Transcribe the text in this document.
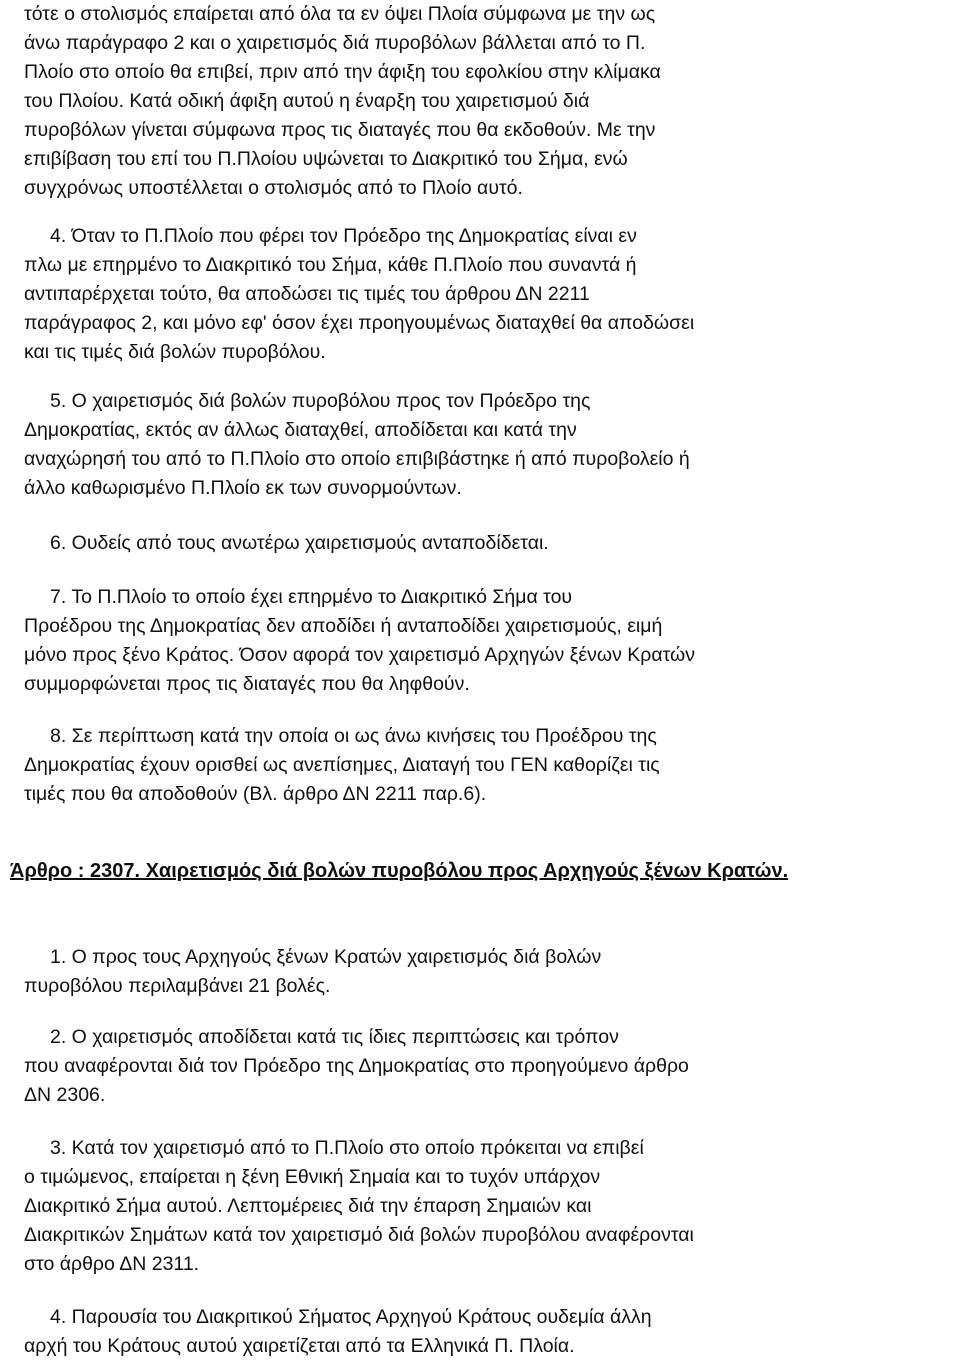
τότε ο στολισμός επαίρεται από όλα τα εν όψει Πλοία σύμφωνα με την ως
άνω παράγραφο 2 και ο χαιρετισμός διά πυροβόλων βάλλεται από το Π.
Πλοίο στο οποίο θα επιβεί, πριν από την άφιξη του εφολκίου στην κλίμακα
του Πλοίου. Κατά οδική άφιξη αυτού η έναρξη του χαιρετισμού διά
πυροβόλων γίνεται σύμφωνα προς τις διαταγές που θα εκδοθούν. Με την
επιβίβαση του επί του Π.Πλοίου υψώνεται το Διακριτικό του Σήμα, ενώ
συγχρόνως υποστέλλεται ο στολισμός από το Πλοίο αυτό.
4. Όταν το Π.Πλοίο που φέρει τον Πρόεδρο της Δημοκρατίας είναι εν
πλω με επηρμένο το Διακριτικό του Σήμα, κάθε Π.Πλοίο που συναντά ή
αντιπαρέρχεται τούτο, θα αποδώσει τις τιμές του άρθρου ΔΝ 2211
παράγραφος 2, και μόνο εφ' όσον έχει προηγουμένως διαταχθεί θα αποδώσει
και τις τιμές διά βολών πυροβόλου.
5. Ο χαιρετισμός διά βολών πυροβόλου προς τον Πρόεδρο της
Δημοκρατίας, εκτός αν άλλως διαταχθεί, αποδίδεται και κατά την
αναχώρησή του από το Π.Πλοίο στο οποίο επιβιβάστηκε ή από πυροβολείο ή
άλλο καθωρισμένο Π.Πλοίο εκ των συνορμούντων.
6. Ουδείς από τους ανωτέρω χαιρετισμούς ανταποδίδεται.
7. Το Π.Πλοίο το οποίο έχει επηρμένο το Διακριτικό Σήμα του
Προέδρου της Δημοκρατίας δεν αποδίδει ή ανταποδίδει χαιρετισμούς, ειμή
μόνο προς ξένο Κράτος. Όσον αφορά τον χαιρετισμό Αρχηγών ξένων Κρατών
συμμορφώνεται προς τις διαταγές που θα ληφθούν.
8. Σε περίπτωση κατά την οποία οι ως άνω κινήσεις του Προέδρου της
Δημοκρατίας έχουν ορισθεί ως ανεπίσημες, Διαταγή του ΓΕΝ καθορίζει τις
τιμές που θα αποδοθούν (Βλ. άρθρο ΔΝ 2211 παρ.6).
1. Ο προς τους Αρχηγούς ξένων Κρατών χαιρετισμός διά βολών
πυροβόλου περιλαμβάνει 21 βολές.
2. Ο χαιρετισμός αποδίδεται κατά τις ίδιες περιπτώσεις και τρόπον
που αναφέρονται διά τον Πρόεδρο της Δημοκρατίας στο προηγούμενο άρθρο
ΔΝ 2306.
3. Κατά τον χαιρετισμό από το Π.Πλοίο στο οποίο πρόκειται να επιβεί
ο τιμώμενος, επαίρεται η ξένη Εθνική Σημαία και το τυχόν υπάρχον
Διακριτικό Σήμα αυτού. Λεπτομέρειες διά την έπαρση Σημαιών και
Διακριτικών Σημάτων κατά τον χαιρετισμό διά βολών πυροβόλου αναφέρονται
στο άρθρο ΔΝ 2311.
4. Παρουσία του Διακριτικού Σήματος Αρχηγού Κράτους ουδεμία άλλη
αρχή του Κράτους αυτού χαιρετίζεται από τα Ελληνικά Π. Πλοία.
Άρθρο : 2307. Χαιρετισμός διά βολών πυροβόλου προς Αρχηγούς ξένων Κρατών.
